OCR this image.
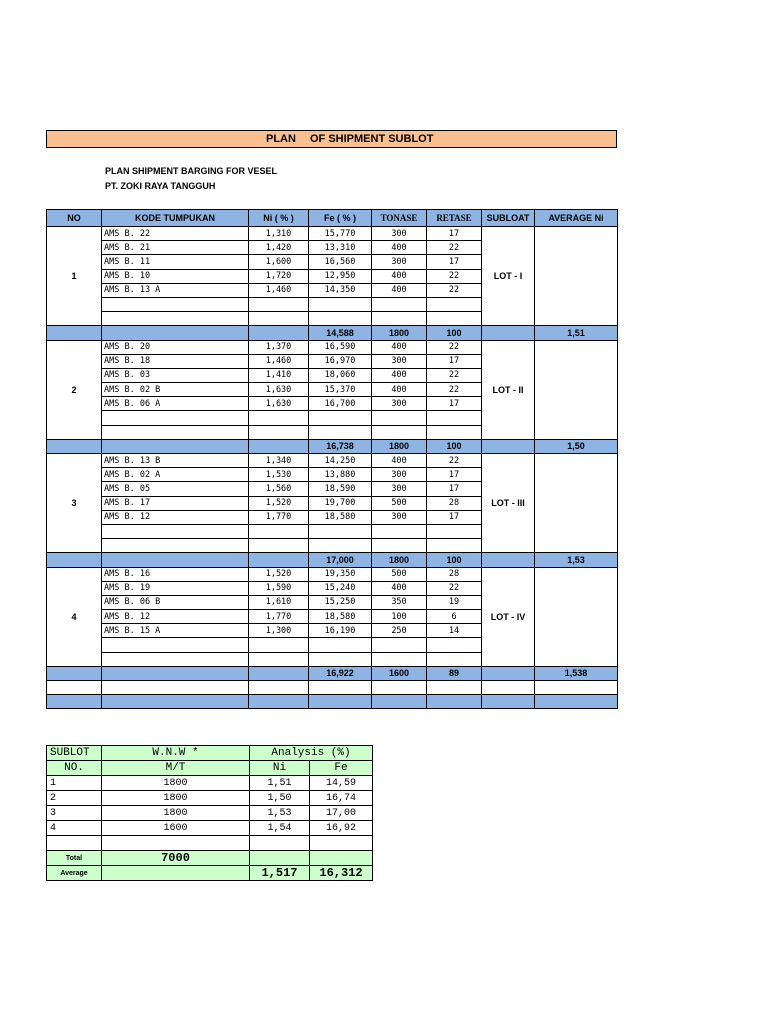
PLAN OF SHIPMENT SUBLOT
PLAN SHIPMENT BARGING FOR VESEL
PT. ZOKI RAYA TANGGUH
NO	KODE TUMPUKAN	Ni ( % )	Fe ( % )	TONASE	RETASE	SUBLOAT	AVERAGE Ni
1	AMS B. 22	1,310	15,770	300	17	LOT - I	
	AMS B. 21	1,420	13,310	400	22		
	AMS B. 11	1,600	16,560	300	17		
	AMS B. 10	1,720	12,950	400	22		
	AMS B. 13 A	1,460	14,350	400	22		

			14,588	1800	100		1,51
2	AMS B. 20	1,370	16,590	400	22	LOT - II	
	AMS B. 18	1,460	16,970	300	17		
	AMS B. 03	1,410	18,060	400	22		
	AMS B. 02 B	1,630	15,370	400	22		
	AMS B. 06 A	1,630	16,700	300	17		

			16,738	1800	100		1,50
3	AMS B. 13 B	1,340	14,250	400	22	LOT - III	
	AMS B. 02 A	1,530	13,880	300	17		
	AMS B. 05	1,560	18,590	300	17		
	AMS B. 17	1,520	19,700	500	28		
	AMS B. 12	1,770	18,580	300	17		

			17,000	1800	100		1,53
4	AMS B. 16	1,520	19,350	500	28	LOT - IV	
	AMS B. 19	1,590	15,240	400	22		
	AMS B. 06 B	1,610	15,250	350	19		
	AMS B. 12	1,770	18,580	100	6		
	AMS B. 15 A	1,300	16,190	250	14		

			16,922	1600	89		1,538

SUBLOT	W.N.W *	Analysis (%)	
NO.	M/T	Ni	Fe
1	1800	1,51	14,59
2	1800	1,50	16,74
3	1800	1,53	17,00
4	1600	1,54	16,92

Total	7000		
Average		1,517	16,312
